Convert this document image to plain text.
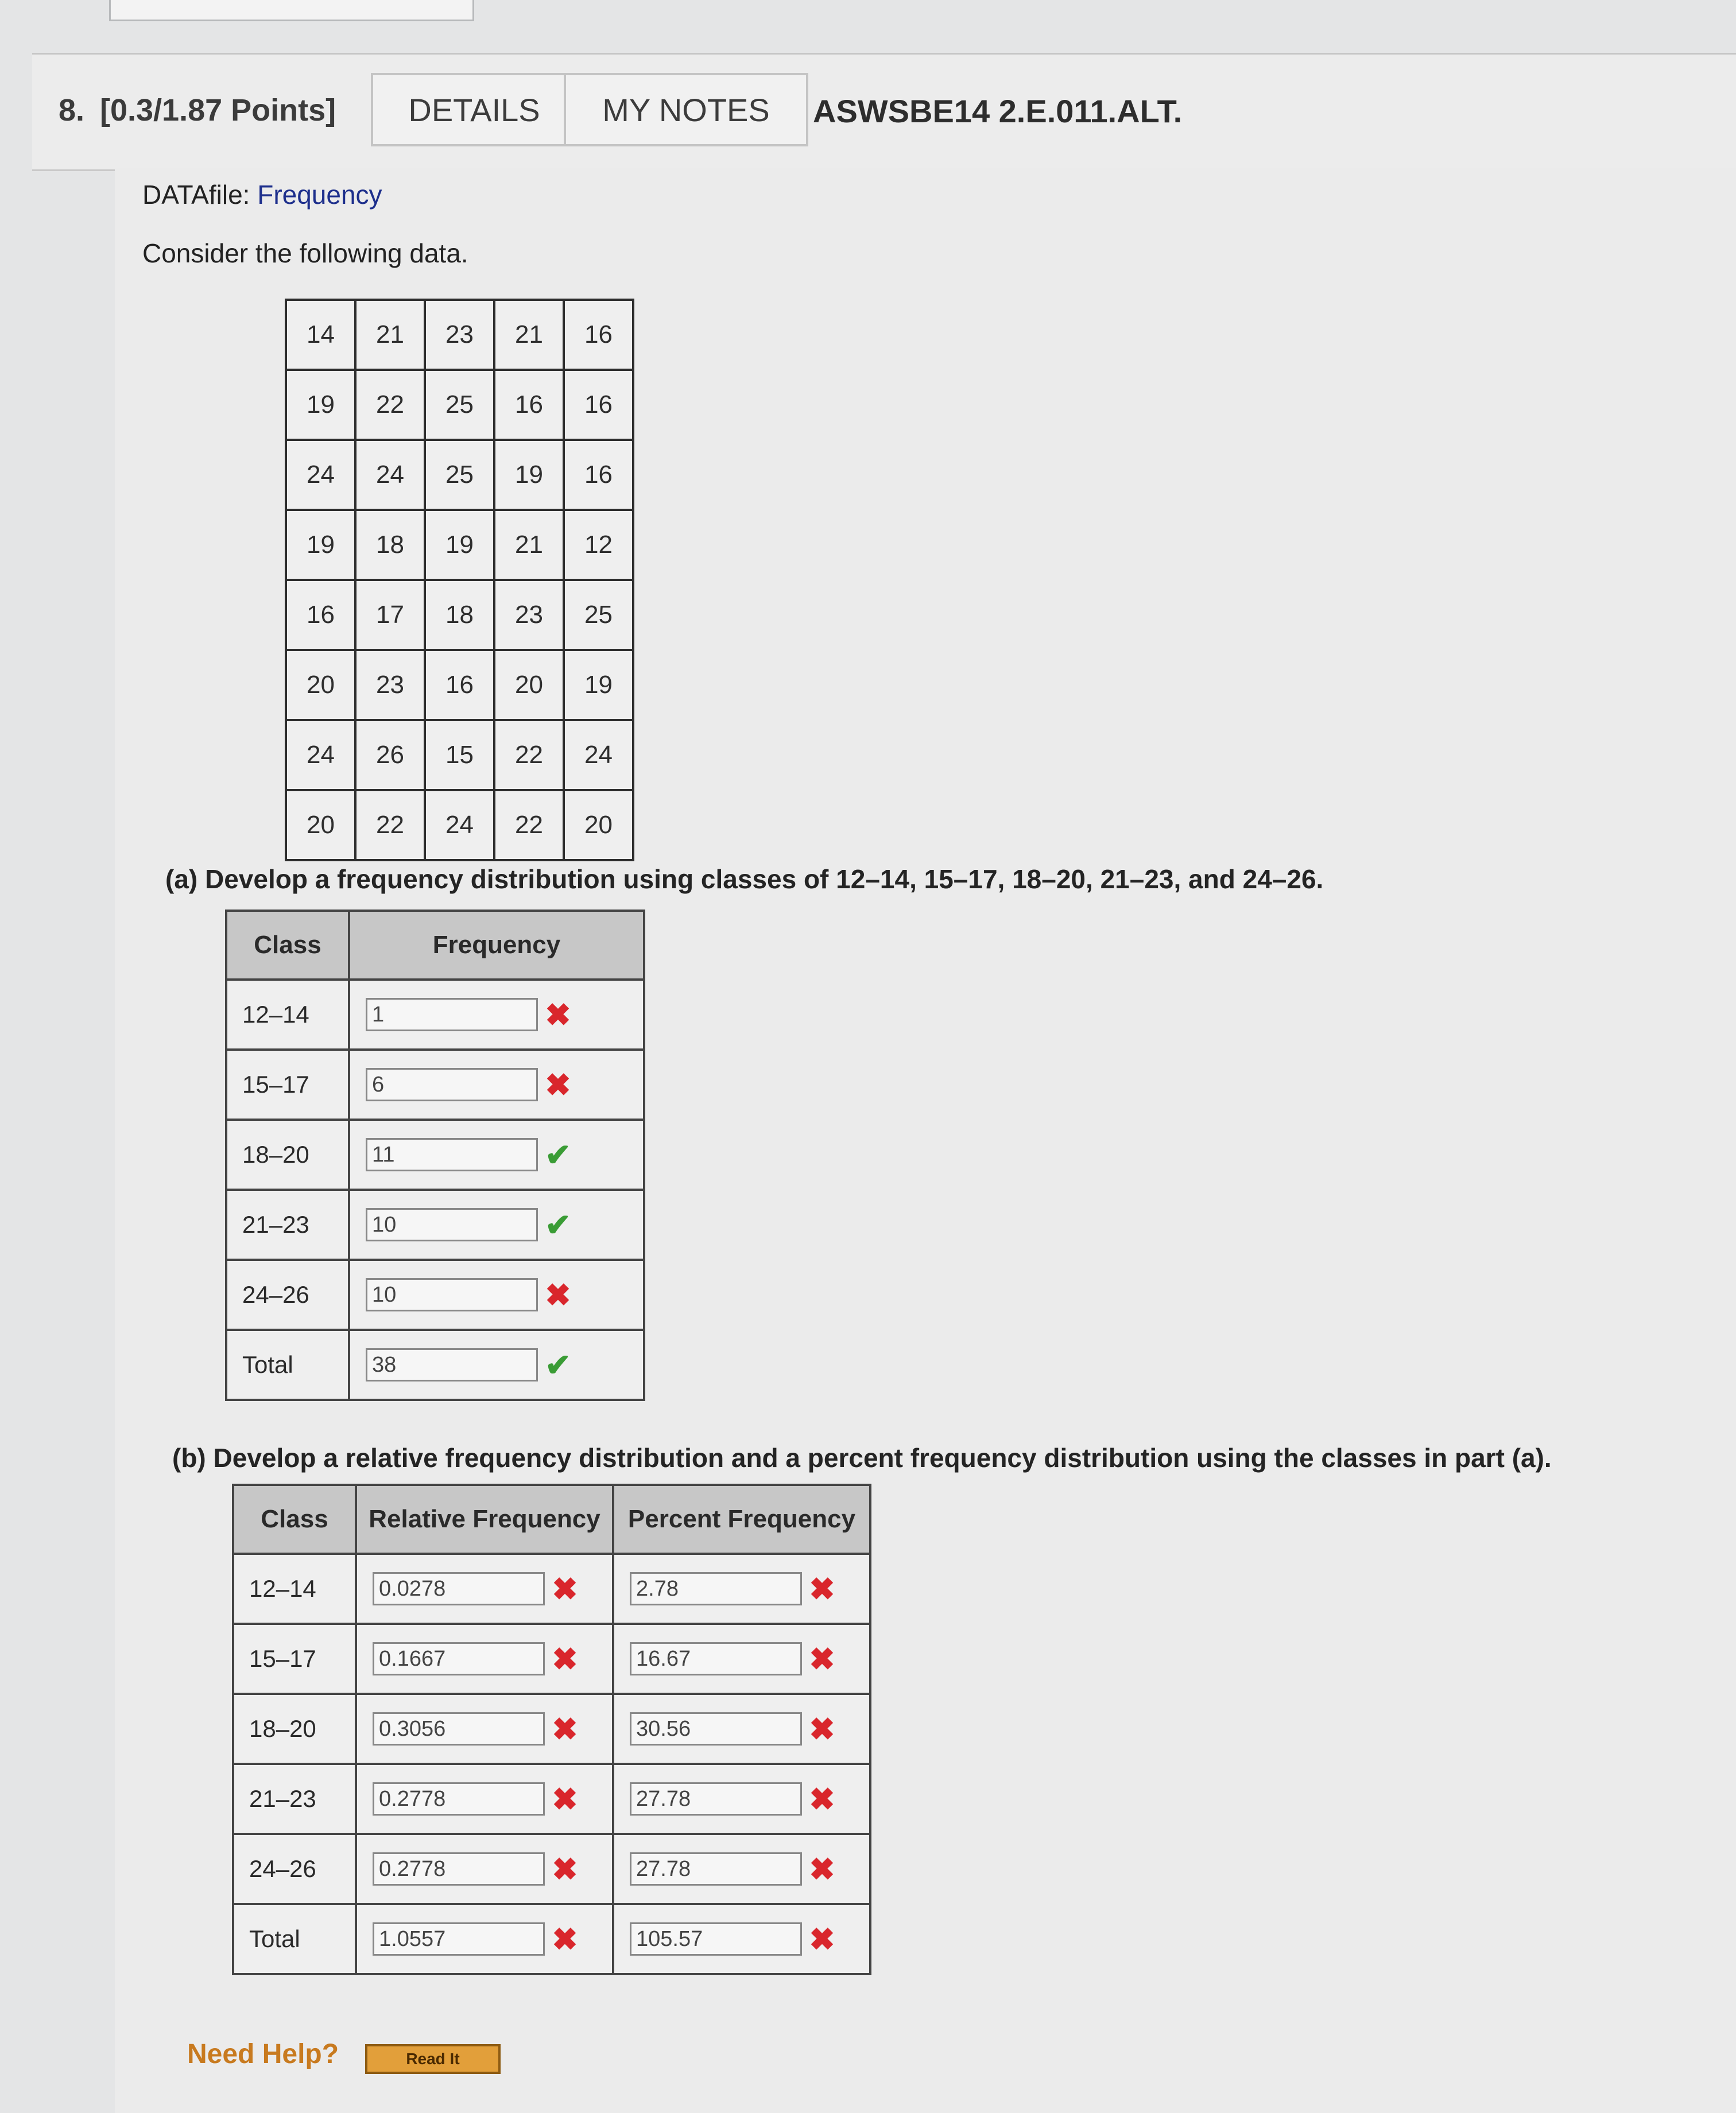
8. [0.3/1.87 Points]	DETAILS	MY NOTES	ASWSBE14 2.E.011.ALT.
DATAfile: Frequency
Consider the following data.
14	21	23	21	16
19	22	25	16	16
24	24	25	19	16
19	18	19	21	12
16	17	18	23	25
20	23	16	20	19
24	26	15	22	24
20	22	24	22	20
(a) Develop a frequency distribution using classes of 12–14, 15–17, 18–20, 21–23, and 24–26.
Class	Frequency
12–14	1✖
15–17	6✖
18–20	11✔
21–23	10✔
24–26	10✖
Total	38✔
(b) Develop a relative frequency distribution and a percent frequency distribution using the classes in part (a).
Class	Relative Frequency	Percent Frequency
12–14	0.0278✖	2.78✖
15–17	0.1667✖	16.67✖
18–20	0.3056✖	30.56✖
21–23	0.2778✖	27.78✖
24–26	0.2778✖	27.78✖
Total	1.0557✖	105.57✖
Need Help?	Read It
